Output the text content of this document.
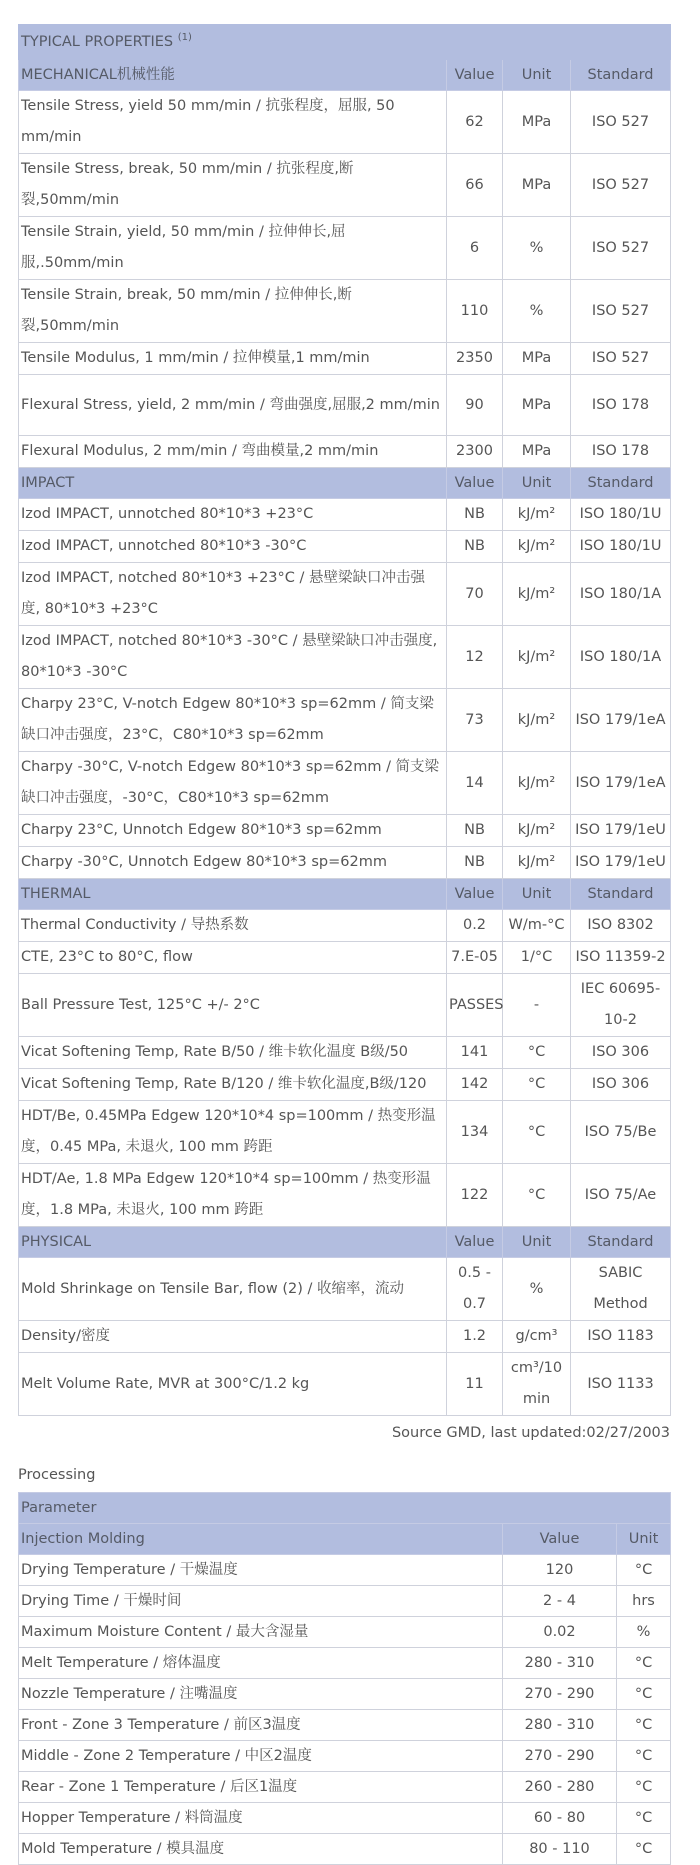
TYPICAL PROPERTIES $^{(1)}$
MECHANICAL机械性能	Value	Unit	Standard
Tensile Stress, yield 50 mm/min / 抗张程度，屈服, 50 mm/min	62	MPa	ISO 527
Tensile Stress, break, 50 mm/min / 抗张程度,断裂,50mm/min	66	MPa	ISO 527
Tensile Strain, yield, 50 mm/min / 拉伸伸长,屈服,.50mm/min	6	%	ISO 527
Tensile Strain, break, 50 mm/min / 拉伸伸长,断裂,50mm/min	110	%	ISO 527
Tensile Modulus, 1 mm/min / 拉伸模量,1 mm/min	2350	MPa	ISO 527
Flexural Stress, yield, 2 mm/min / 弯曲强度,屈服,2 mm/min	90	MPa	ISO 178
Flexural Modulus, 2 mm/min / 弯曲模量,2 mm/min	2300	MPa	ISO 178
IMPACT	Value	Unit	Standard
Izod IMPACT, unnotched 80*10*3 +23°C	NB	kJ/m²	ISO 180/1U
Izod IMPACT, unnotched 80*10*3 -30°C	NB	kJ/m²	ISO 180/1U
Izod IMPACT, notched 80*10*3 +23°C / 悬壁梁缺口冲击强度, 80*10*3 +23°C	70	kJ/m²	ISO 180/1A
Izod IMPACT, notched 80*10*3 -30°C / 悬壁梁缺口冲击强度, 80*10*3 -30°C	12	kJ/m²	ISO 180/1A
Charpy 23°C, V-notch Edgew 80*10*3 sp=62mm / 简支梁缺口冲击强度，23°C，C80*10*3 sp=62mm	73	kJ/m²	ISO 179/1eA
Charpy -30°C, V-notch Edgew 80*10*3 sp=62mm / 简支梁缺口冲击强度，-30°C，C80*10*3 sp=62mm	14	kJ/m²	ISO 179/1eA
Charpy 23°C, Unnotch Edgew 80*10*3 sp=62mm	NB	kJ/m²	ISO 179/1eU
Charpy -30°C, Unnotch Edgew 80*10*3 sp=62mm	NB	kJ/m²	ISO 179/1eU
THERMAL	Value	Unit	Standard
Thermal Conductivity / 导热系数	0.2	W/m-°C	ISO 8302
CTE, 23°C to 80°C, flow	7.E-05	1/°C	ISO 11359-2
Ball Pressure Test, 125°C +/- 2°C	PASSES	-	IEC 60695-10-2
Vicat Softening Temp, Rate B/50 / 维卡软化温度 B级/50	141	°C	ISO 306
Vicat Softening Temp, Rate B/120 / 维卡软化温度,B级/120	142	°C	ISO 306
HDT/Be, 0.45MPa Edgew 120*10*4 sp=100mm / 热变形温度，0.45 MPa, 未退火, 100 mm 跨距	134	°C	ISO 75/Be
HDT/Ae, 1.8 MPa Edgew 120*10*4 sp=100mm / 热变形温度，1.8 MPa, 未退火, 100 mm 跨距	122	°C	ISO 75/Ae
PHYSICAL	Value	Unit	Standard
Mold Shrinkage on Tensile Bar, flow (2) / 收缩率，流动	0.5 - 0.7	%	SABIC Method
Density/密度	1.2	g/cm³	ISO 1183
Melt Volume Rate, MVR at 300°C/1.2 kg	11	cm³/10 min	ISO 1133
Source GMD, last updated:02/27/2003
Processing
Parameter		
Injection Molding	Value	Unit
Drying Temperature / 干燥温度	120	°C
Drying Time / 干燥时间	2 - 4	hrs
Maximum Moisture Content / 最大含湿量	0.02	%
Melt Temperature / 熔体温度	280 - 310	°C
Nozzle Temperature / 注嘴温度	270 - 290	°C
Front - Zone 3 Temperature / 前区3温度	280 - 310	°C
Middle - Zone 2 Temperature / 中区2温度	270 - 290	°C
Rear - Zone 1 Temperature / 后区1温度	260 - 280	°C
Hopper Temperature / 料筒温度	60 - 80	°C
Mold Temperature / 模具温度	80 - 110	°C
